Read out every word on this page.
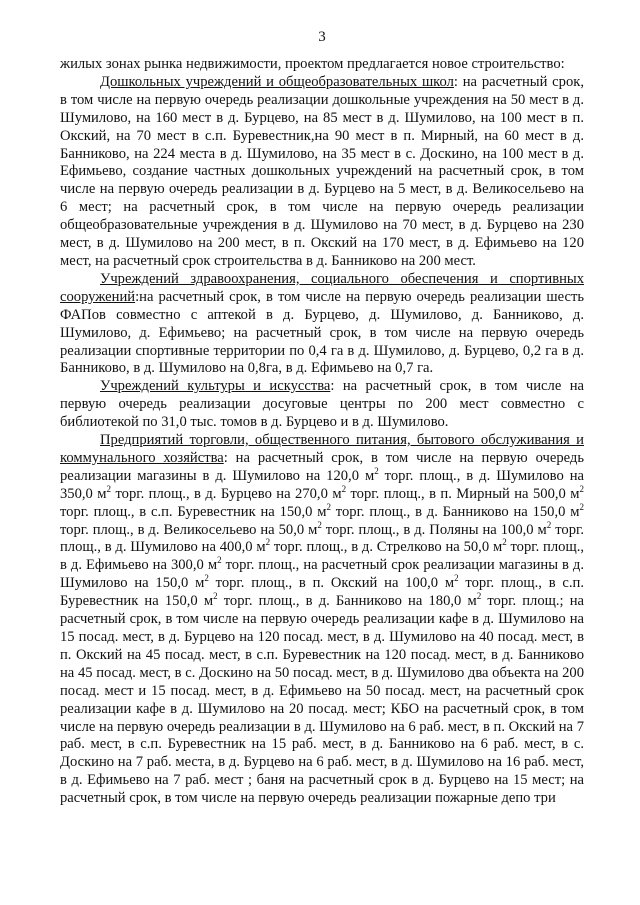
3

жилых зонах рынка недвижимости, проектом предлагается новое строительство:

Дошкольных учреждений и общеобразовательных школ: на расчетный срок, в том числе на первую очередь реализации дошкольные учреждения на 50 мест в д. Шумилово, на 160 мест в д. Бурцево, на 85 мест в д. Шумилово, на 100 мест в п. Окский, на 70 мест в с.п. Буревестник,на 90 мест в п. Мирный, на 60 мест в д. Банниково, на 224 места в д. Шумилово, на 35 мест в с. Доскино, на 100 мест в д. Ефимьево, создание частных дошкольных учреждений на расчетный срок, в том числе на первую очередь реализации в д. Бурцево на 5 мест, в д. Великосельево на 6 мест; на расчетный срок, в том числе на первую очередь реализации общеобразовательные учреждения в д. Шумилово на 70 мест, в д. Бурцево на 230 мест, в д. Шумилово на 200 мест, в п. Окский на 170 мест, в д. Ефимьево на 120 мест, на расчетный срок строительства в д. Банниково на 200 мест.

Учреждений здравоохранения, социального обеспечения и спортивных сооружений:на расчетный срок, в том числе на первую очередь реализации шесть ФАПов совместно с аптекой в д. Бурцево, д. Шумилово, д. Банниково, д. Шумилово, д. Ефимьево; на расчетный срок, в том числе на первую очередь реализации спортивные территории по 0,4 га в д. Шумилово, д. Бурцево, 0,2 га в д. Банниково, в д. Шумилово на 0,8га, в д. Ефимьево на 0,7 га.

Учреждений культуры и искусства: на расчетный срок, в том числе на первую очередь реализации досуговые центры по 200 мест совместно с библиотекой по 31,0 тыс. томов в д. Бурцево и в д. Шумилово.

Предприятий торговли, общественного питания, бытового обслуживания и коммунального хозяйства: на расчетный срок, в том числе на первую очередь реализации магазины в д. Шумилово на 120,0 $м^2$ торг. площ., в д. Шумилово на 350,0 $м^2$ торг. площ., в д. Бурцево на 270,0 $м^2$ торг. площ., в п. Мирный на 500,0 $м^2$ торг. площ., в с.п. Буревестник на 150,0 $м^2$ торг. площ., в д. Банниково на 150,0 $м^2$ торг. площ., в д. Великосельево на 50,0 $м^2$ торг. площ., в д. Поляны на 100,0 $м^2$ торг. площ., в д. Шумилово на 400,0 $м^2$ торг. площ., в д. Стрелково на 50,0 $м^2$ торг. площ., в д. Ефимьево на 300,0 $м^2$ торг. площ., на расчетный срок реализации магазины в д. Шумилово на 150,0 $м^2$ торг. площ., в п. Окский на 100,0 $м^2$ торг. площ., в с.п. Буревестник на 150,0 $м^2$ торг. площ., в д. Банниково на 180,0 $м^2$ торг. площ.; на расчетный срок, в том числе на первую очередь реализации кафе в д. Шумилово на 15 посад. мест, в д. Бурцево на 120 посад. мест, в д. Шумилово на 40 посад. мест, в п. Окский на 45 посад. мест, в с.п. Буревестник на 120 посад. мест, в д. Банниково на 45 посад. мест, в с. Доскино на 50 посад. мест, в д. Шумилово два объекта на 200 посад. мест и 15 посад. мест, в д. Ефимьево на 50 посад. мест, на расчетный срок реализации кафе в д. Шумилово на 20 посад. мест; КБО на расчетный срок, в том числе на первую очередь реализации в д. Шумилово на 6 раб. мест, в п. Окский на 7 раб. мест, в с.п. Буревестник на 15 раб. мест, в д. Банниково на 6 раб. мест, в с. Доскино на 7 раб. места, в д. Бурцево на 6 раб. мест, в д. Шумилово на 16 раб. мест, в д. Ефимьево на 7 раб. мест ; баня на расчетный срок в д. Бурцево на 15 мест; на расчетный срок, в том числе на первую очередь реализации пожарные депо три
